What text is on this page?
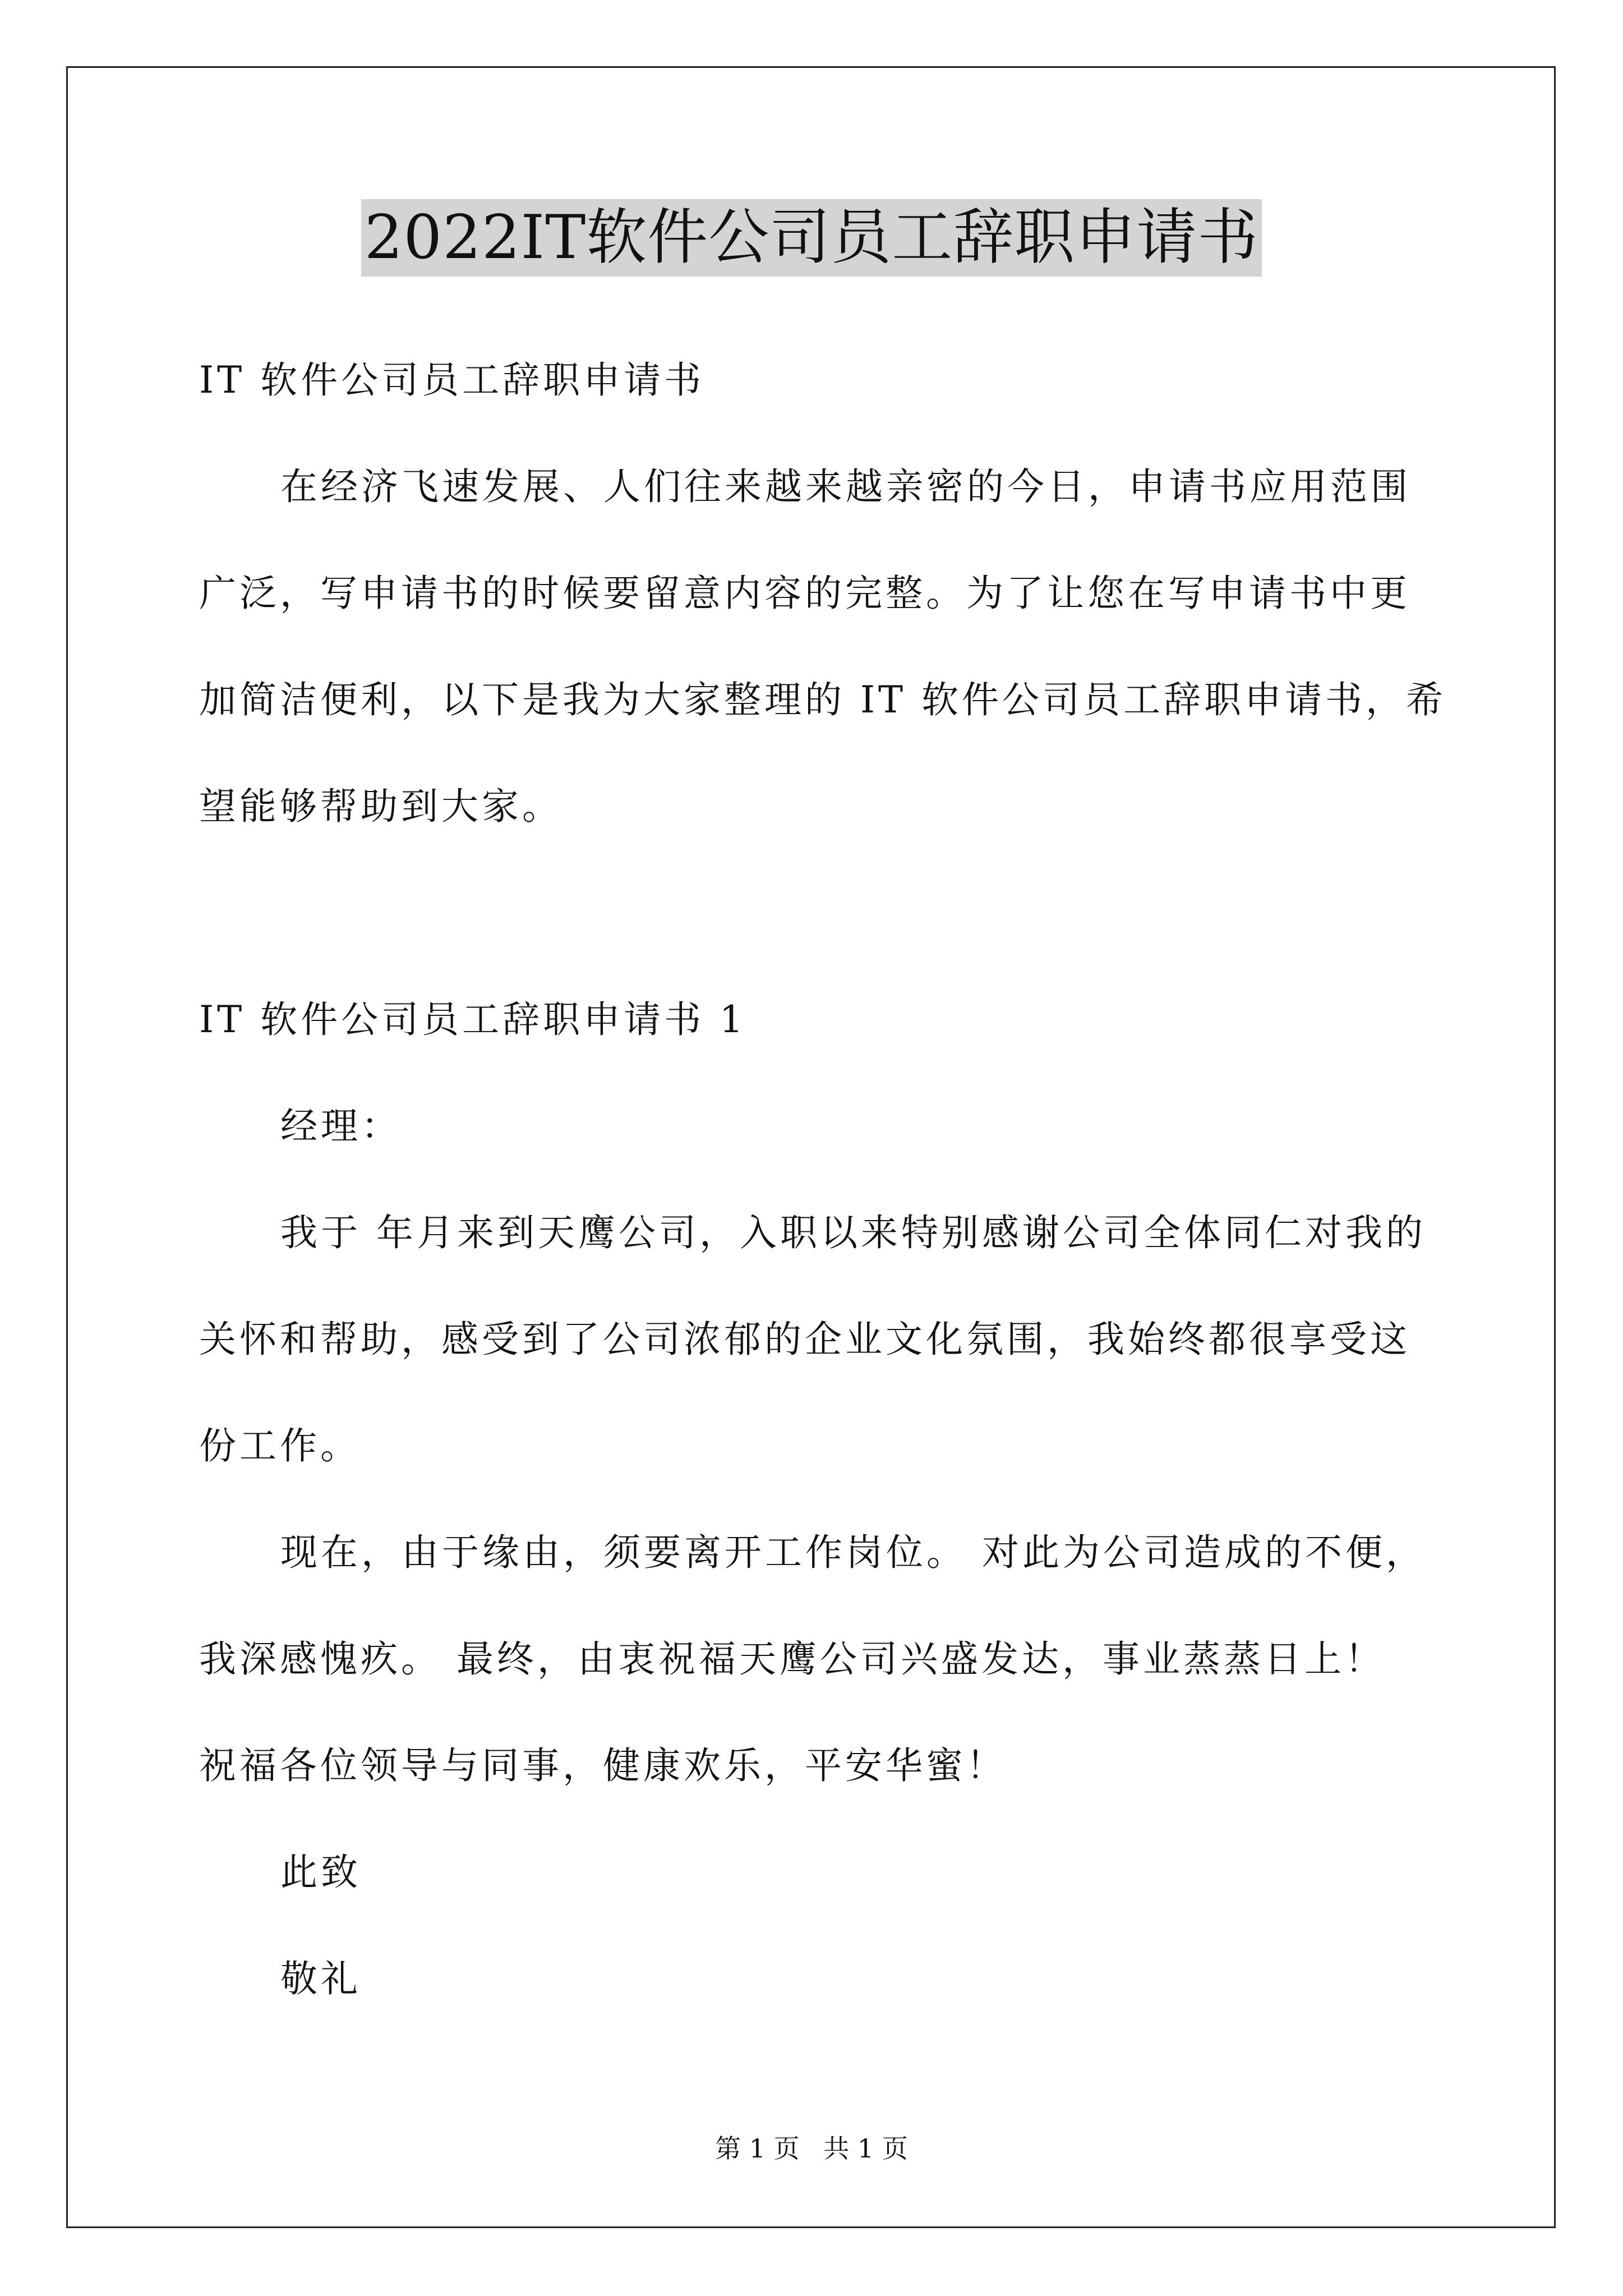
2022IT软件公司员工辞职申请书
IT 软件公司员工辞职申请书
在经济飞速发展、人们往来越来越亲密的今日，申请书应用范围
广泛，写申请书的时候要留意内容的完整。为了让您在写申请书中更
加简洁便利，以下是我为大家整理的 IT 软件公司员工辞职申请书，希
望能够帮助到大家。
IT 软件公司员工辞职申请书 1
经理：
我于 年月来到天鹰公司，入职以来特别感谢公司全体同仁对我的
关怀和帮助，感受到了公司浓郁的企业文化氛围，我始终都很享受这
份工作。
现在，由于缘由，须要离开工作岗位。 对此为公司造成的不便，
我深感愧疚。 最终，由衷祝福天鹰公司兴盛发达，事业蒸蒸日上！
祝福各位领导与同事，健康欢乐，平安华蜜！
此致
敬礼
第 1 页 共 1 页
